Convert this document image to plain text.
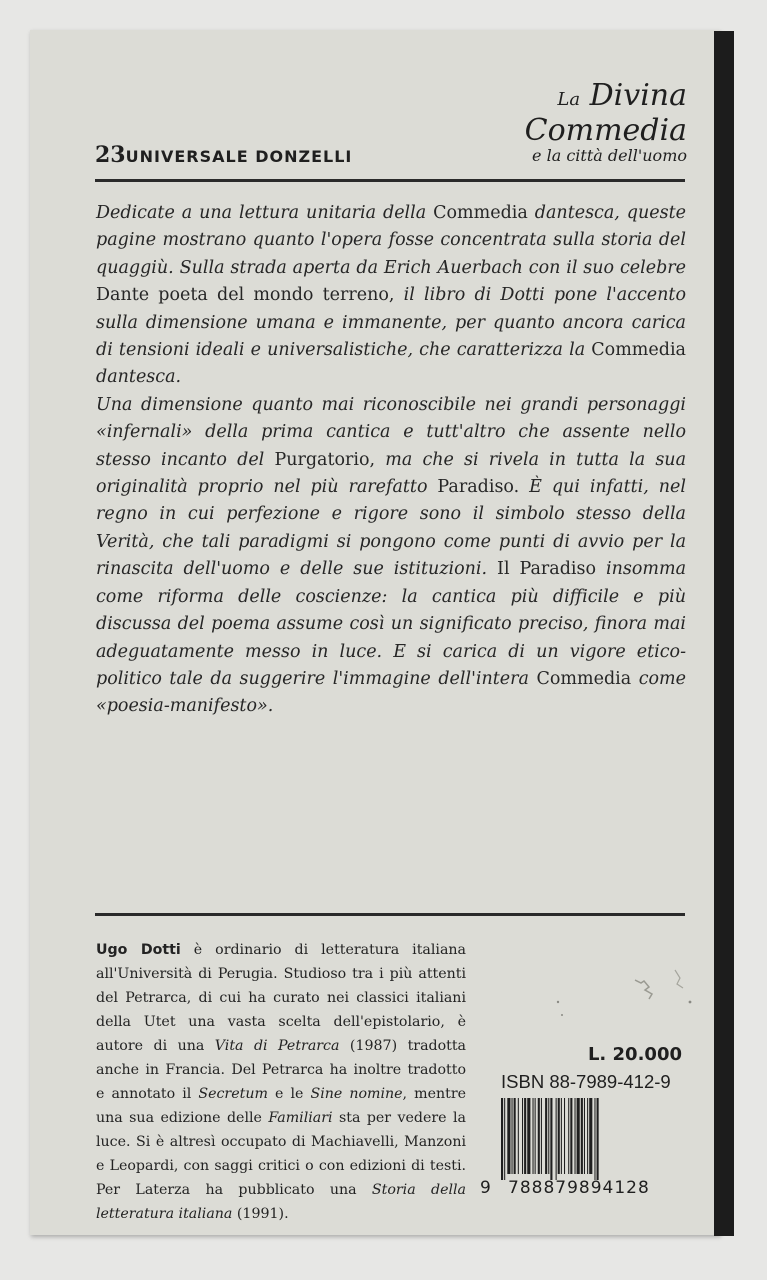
23UNIVERSALE DONZELLI
La Divina
Commedia
e la città dell'uomo

Dedicate a una lettura unitaria della Commedia dantesca, queste pagine mostrano quanto l'opera fosse concentrata sulla storia del quaggiù. Sulla strada aperta da Erich Auerbach con il suo celebre Dante poeta del mondo terreno, il libro di Dotti pone l'accento sulla dimensione umana e immanente, per quanto ancora carica di tensioni ideali e universalistiche, che caratterizza la Commedia dantesca.

Una dimensione quanto mai riconoscibile nei grandi personaggi «infernali» della prima cantica e tutt'altro che assente nello stesso incanto del Purgatorio, ma che si rivela in tutta la sua originalità proprio nel più rarefatto Paradiso. È qui infatti, nel regno in cui perfezione e rigore sono il simbolo stesso della Verità, che tali paradigmi si pongono come punti di avvio per la rinascita dell'uomo e delle sue istituzioni. Il Paradiso insomma come riforma delle coscienze: la cantica più difficile e più discussa del poema assume così un significato preciso, finora mai adeguatamente messo in luce. E si carica di un vigore etico-politico tale da suggerire l'immagine dell'intera Commedia come «poesia-manifesto».

Ugo Dotti è ordinario di letteratura italiana all'Università di Perugia. Studioso tra i più attenti del Petrarca, di cui ha curato nei classici italiani della Utet una vasta scelta dell'epistolario, è autore di una Vita di Petrarca (1987) tradotta anche in Francia. Del Petrarca ha inoltre tradotto e annotato il Secretum e le Sine nomine, mentre una sua edizione delle Familiari sta per vedere la luce. Si è altresì occupato di Machiavelli, Manzoni e Leopardi, con saggi critici o con edizioni di testi. Per Laterza ha pubblicato una Storia della letteratura italiana (1991).
L. 20.000
ISBN 88-7989-412-9
9 788879894128
